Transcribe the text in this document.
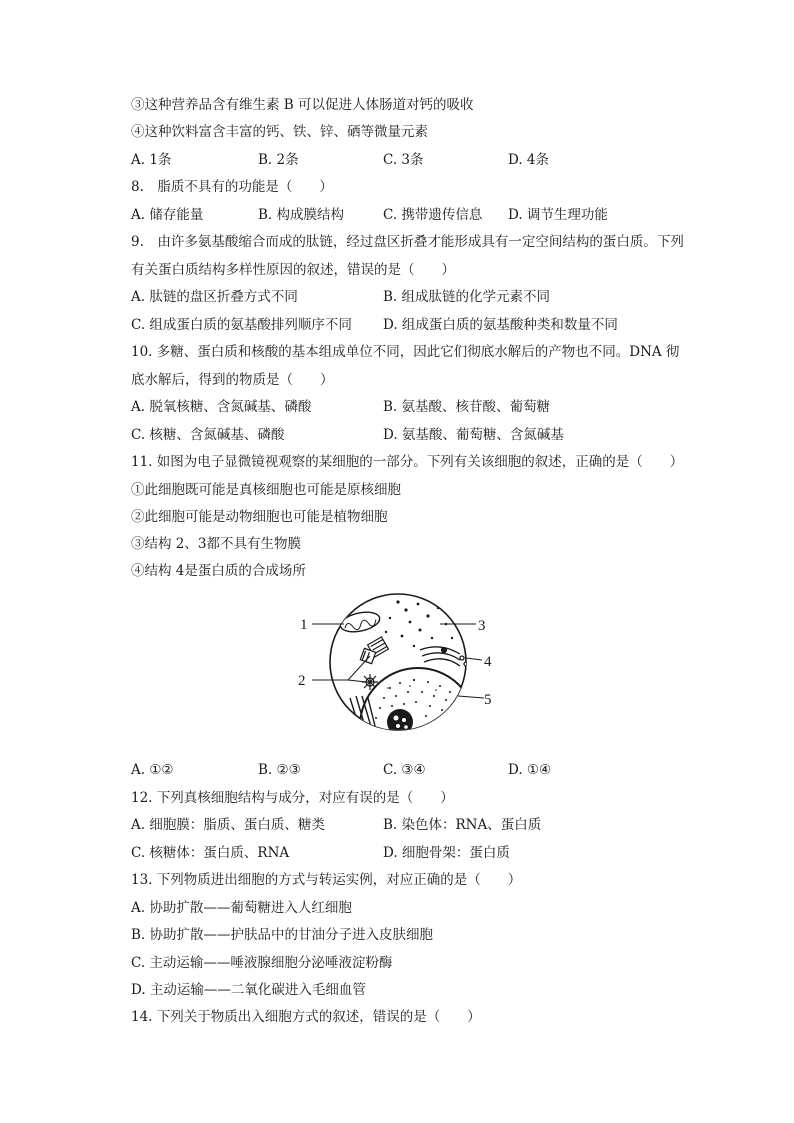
③这种营养品含有维生素 B 可以促进人体肠道对钙的吸收
④这种饮料富含丰富的钙、铁、锌、硒等微量元素
A. 1条	B. 2条	C. 3条	D. 4条
8.　脂质不具有的功能是（　　）
A. 储存能量	B. 构成膜结构	C. 携带遗传信息 D. 调节生理功能
9.　由许多氨基酸缩合而成的肽链，经过盘区折叠才能形成具有一定空间结构的蛋白质。下列
有关蛋白质结构多样性原因的叙述，错误的是（　　）
A. 肽链的盘区折叠方式不同	B. 组成肽链的化学元素不同
C. 组成蛋白质的氨基酸排列顺序不同 D. 组成蛋白质的氨基酸种类和数量不同
10. 多糖、蛋白质和核酸的基本组成单位不同，因此它们彻底水解后的产物也不同。DNA 彻
底水解后，得到的物质是（　　）
A. 脱氧核糖、含氮碱基、磷酸	B. 氨基酸、核苷酸、葡萄糖
C. 核糖、含氮碱基、磷酸	D. 氨基酸、葡萄糖、含氮碱基
11. 如图为电子显微镜视观察的某细胞的一部分。下列有关该细胞的叙述，正确的是（　　）
①此细胞既可能是真核细胞也可能是原核细胞
②此细胞可能是动物细胞也可能是植物细胞
③结构 2、3都不具有生物膜
④结构 4是蛋白质的合成场所
1
2
3
4
5
A. ①②	B. ②③	C. ③④	D. ①④
12. 下列真核细胞结构与成分，对应有误的是（　　）
A. 细胞膜：脂质、蛋白质、糖类	B. 染色体：RNA、蛋白质
C. 核糖体：蛋白质、RNA	D. 细胞骨架：蛋白质
13. 下列物质进出细胞的方式与转运实例，对应正确的是（　　）
A. 协助扩散——葡萄糖进入人红细胞
B. 协助扩散——护肤品中的甘油分子进入皮肤细胞
C. 主动运输——唾液腺细胞分泌唾液淀粉酶
D. 主动运输——二氧化碳进入毛细血管
14. 下列关于物质出入细胞方式的叙述，错误的是（　　）
